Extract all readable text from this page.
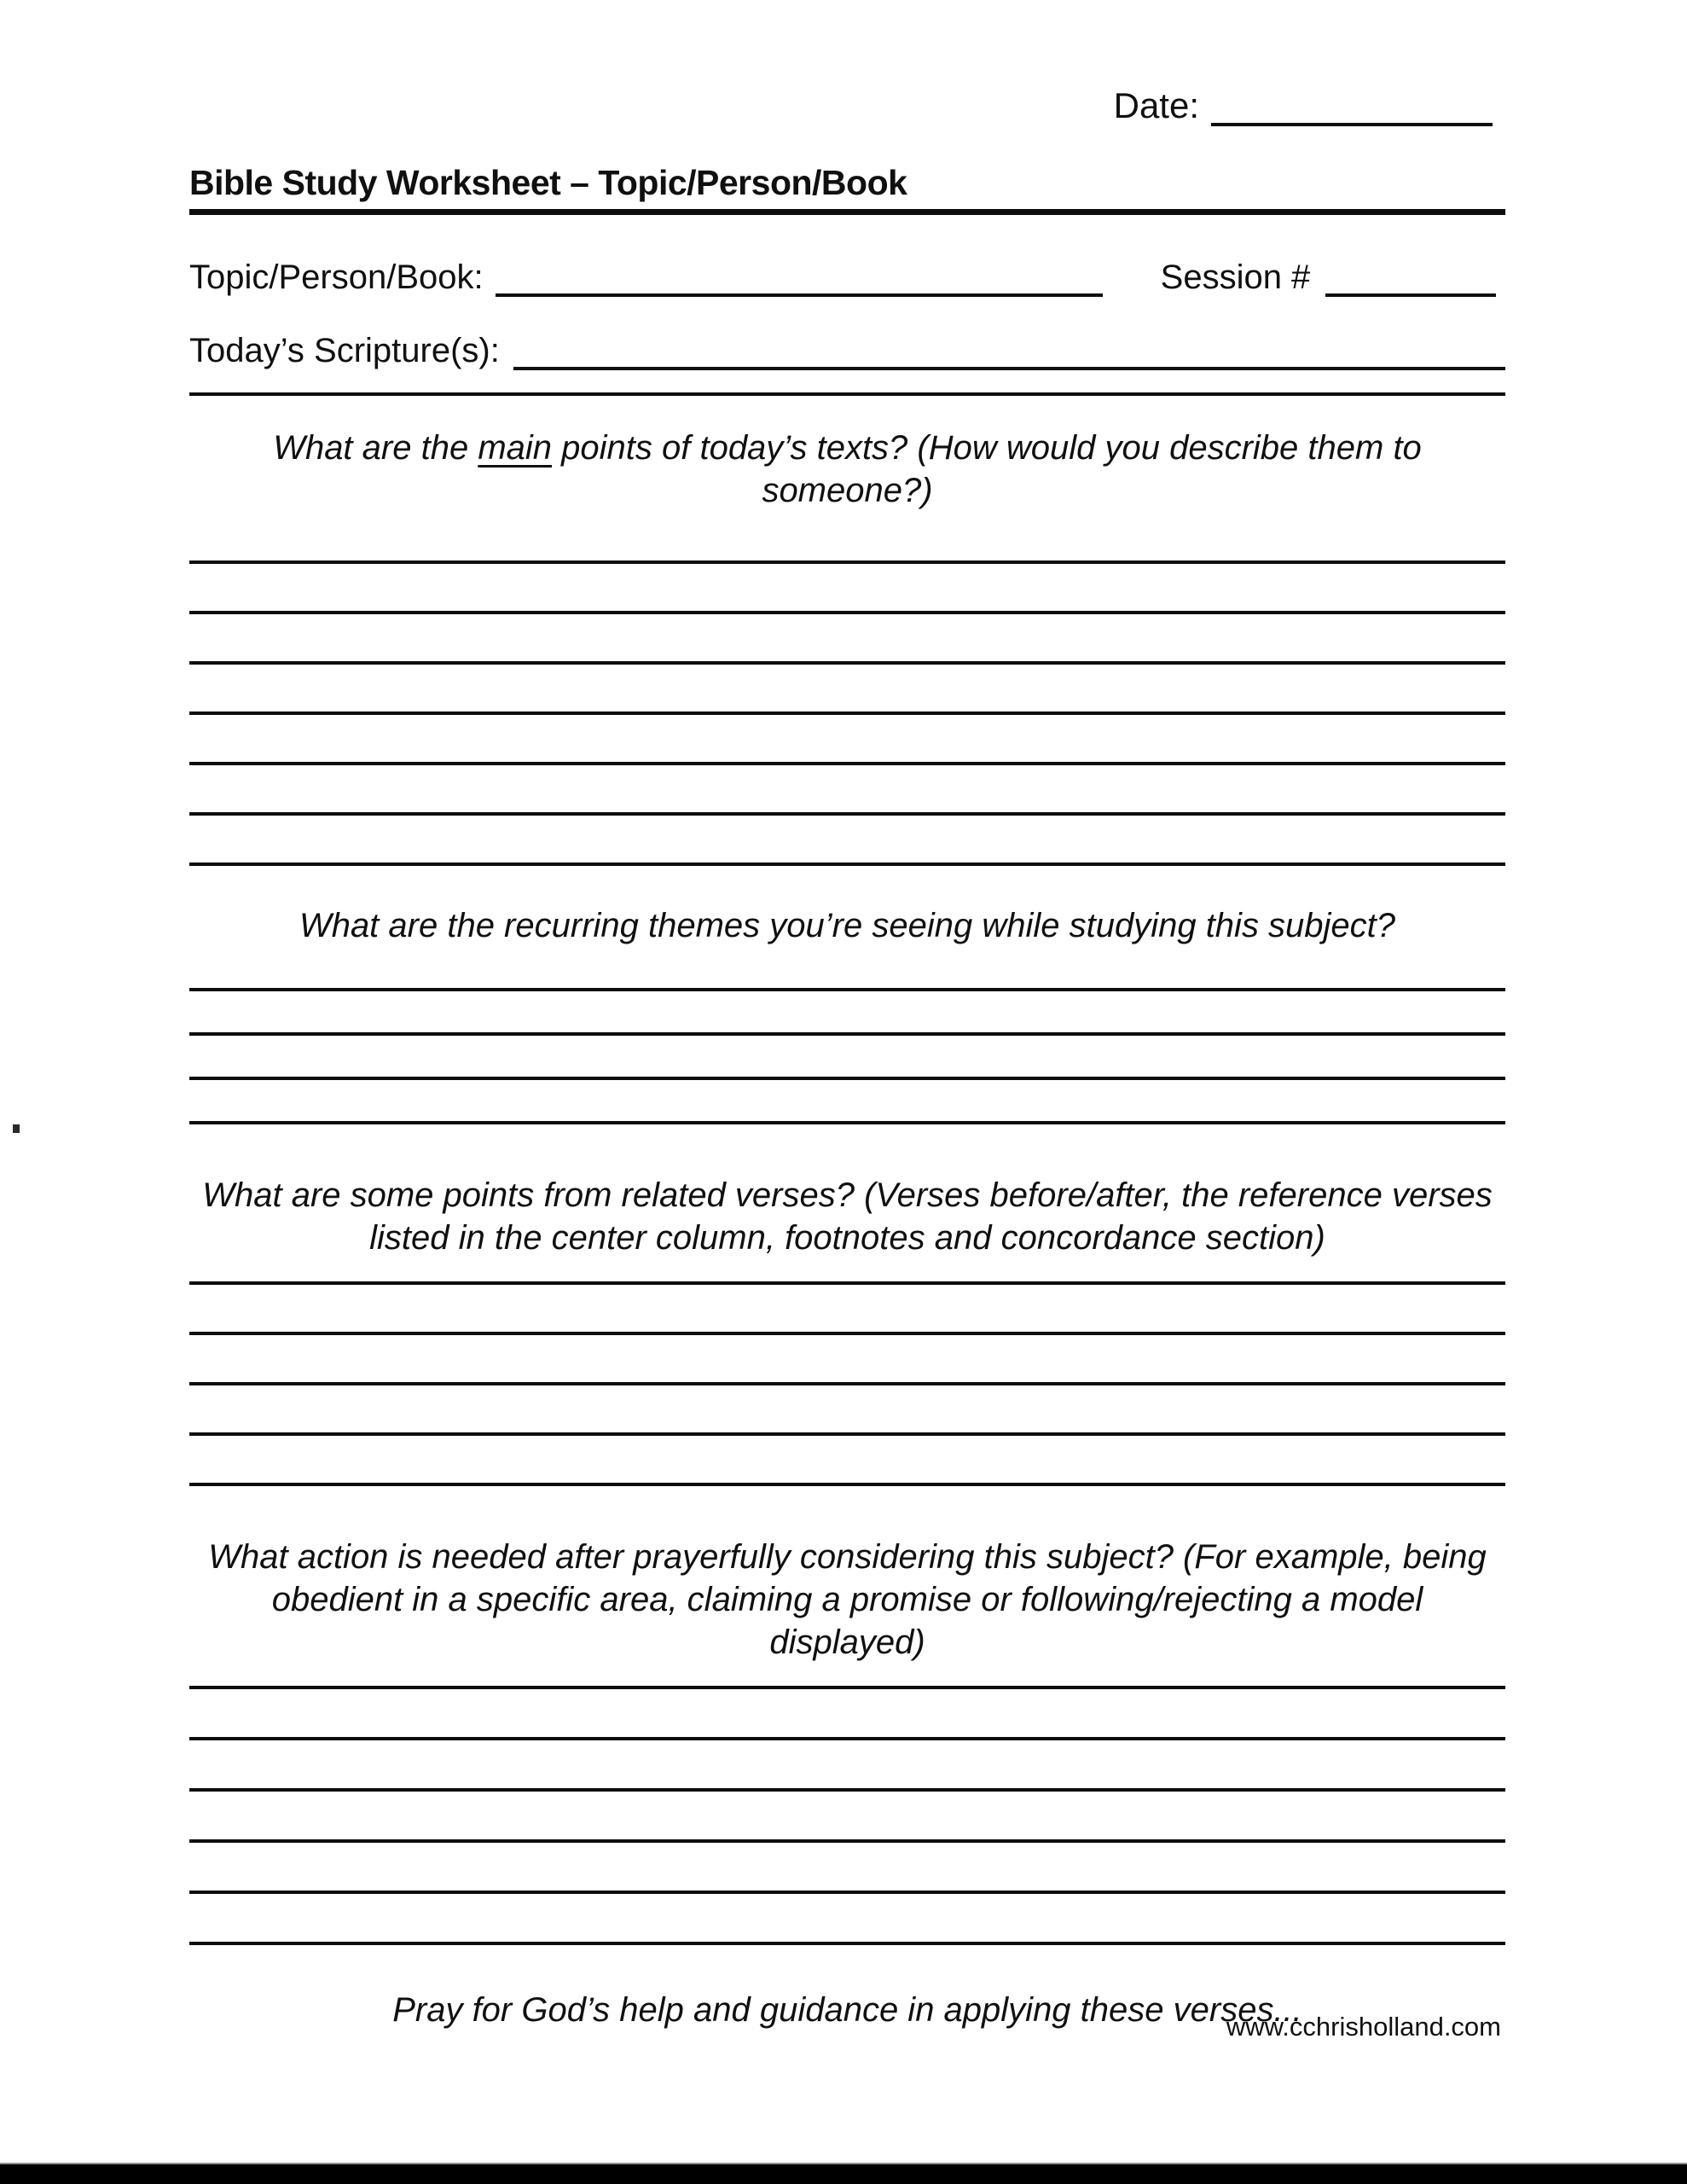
Date:
Bible Study Worksheet – Topic/Person/Book
Topic/Person/Book:	Session #
Today’s Scripture(s):

What are the main points of today’s texts? (How would you describe them to someone?)

What are the recurring themes you’re seeing while studying this subject?

What are some points from related verses? (Verses before/after, the reference verses
listed in the center column, footnotes and concordance section)

What action is needed after prayerfully considering this subject? (For example, being
obedient in a specific area, claiming a promise or following/rejecting a model displayed)

Pray for God’s help and guidance in applying these verses...

www.cchrisholland.com
